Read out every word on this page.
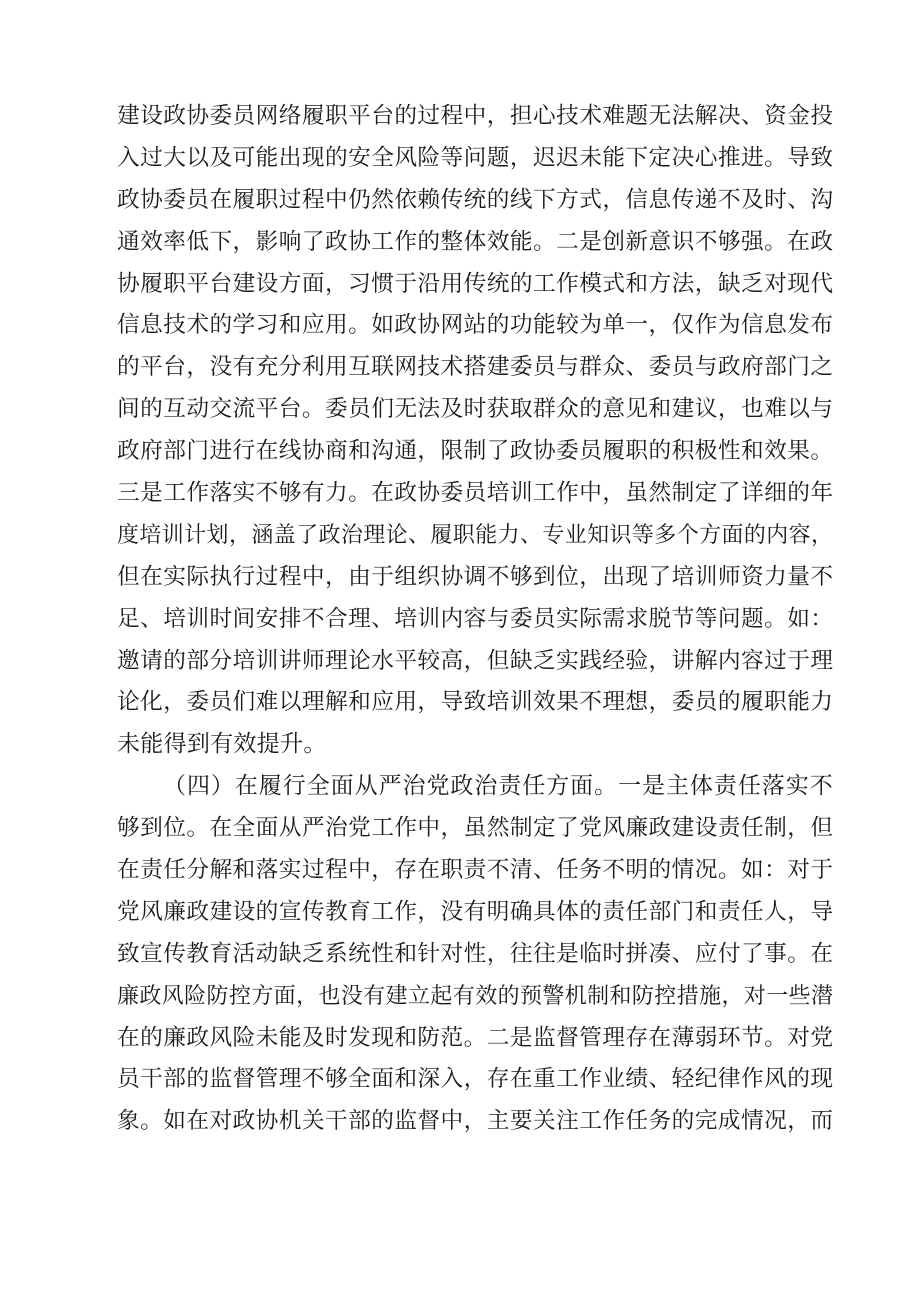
建设政协委员网络履职平台的过程中，担心技术难题无法解决、资金投
入过大以及可能出现的安全风险等问题，迟迟未能下定决心推进。导致
政协委员在履职过程中仍然依赖传统的线下方式，信息传递不及时、沟
通效率低下，影响了政协工作的整体效能。二是创新意识不够强。在政
协履职平台建设方面，习惯于沿用传统的工作模式和方法，缺乏对现代
信息技术的学习和应用。如政协网站的功能较为单一，仅作为信息发布
的平台，没有充分利用互联网技术搭建委员与群众、委员与政府部门之
间的互动交流平台。委员们无法及时获取群众的意见和建议，也难以与
政府部门进行在线协商和沟通，限制了政协委员履职的积极性和效果。
三是工作落实不够有力。在政协委员培训工作中，虽然制定了详细的年
度培训计划，涵盖了政治理论、履职能力、专业知识等多个方面的内容，
但在实际执行过程中，由于组织协调不够到位，出现了培训师资力量不
足、培训时间安排不合理、培训内容与委员实际需求脱节等问题。如：
邀请的部分培训讲师理论水平较高，但缺乏实践经验，讲解内容过于理
论化，委员们难以理解和应用，导致培训效果不理想，委员的履职能力
未能得到有效提升。
（四）在履行全面从严治党政治责任方面。一是主体责任落实不
够到位。在全面从严治党工作中，虽然制定了党风廉政建设责任制，但
在责任分解和落实过程中，存在职责不清、任务不明的情况。如：对于
党风廉政建设的宣传教育工作，没有明确具体的责任部门和责任人，导
致宣传教育活动缺乏系统性和针对性，往往是临时拼凑、应付了事。在
廉政风险防控方面，也没有建立起有效的预警机制和防控措施，对一些潜
在的廉政风险未能及时发现和防范。二是监督管理存在薄弱环节。对党
员干部的监督管理不够全面和深入，存在重工作业绩、轻纪律作风的现
象。如在对政协机关干部的监督中，主要关注工作任务的完成情况，而
